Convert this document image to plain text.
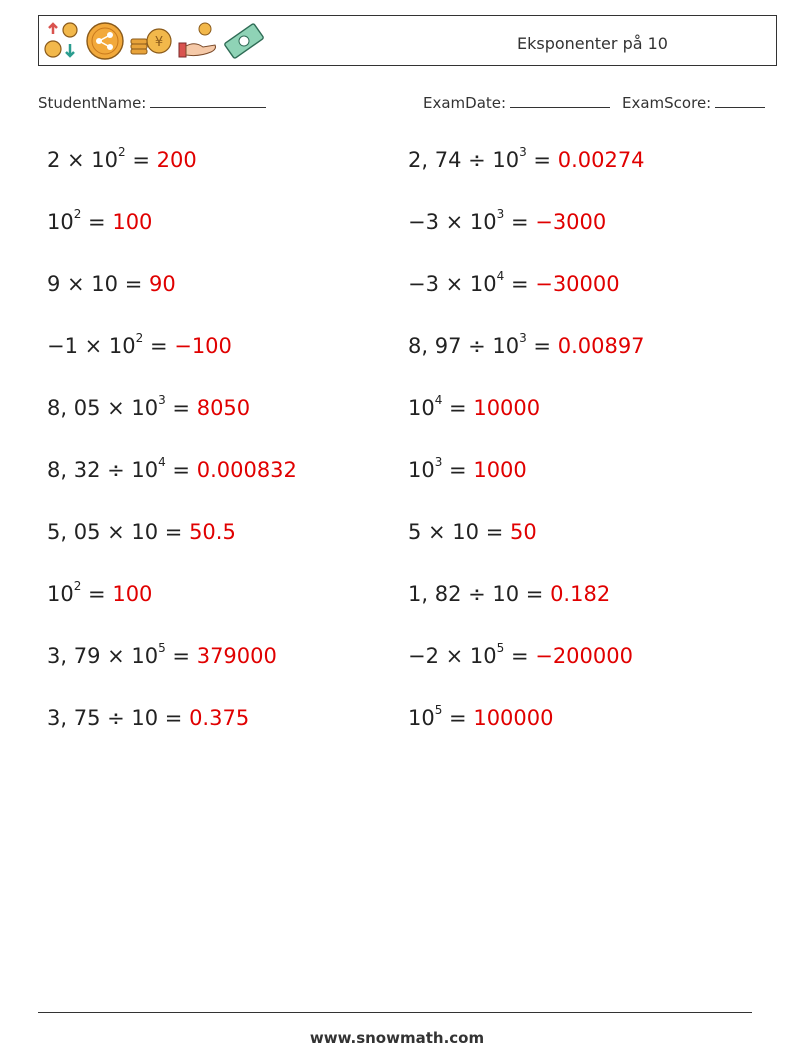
¥	Eksponenter på 10
StudentName:	ExamDate:	ExamScore:
$2 \times 10^2 = 200$
$10^2 = 100$
9 × 10 = 90
$-1 \times 10^2 = -100$
8, $05 \times 10^3 = 8050$
8, $32 \div 10^4 = 0.000832$
5, 05 × 10 = 50.5
$10^2 = 100$
3, $79 \times 10^5 = 379000$
3, 75 ÷ 10 = 0.375
2, $74 \div 10^3 = 0.00274$
$-3 \times 10^3 = -3000$
$-3 \times 10^4 = -30000$
8, $97 \div 10^3 = 0.00897$
$10^4 = 10000$
$10^3 = 1000$
5 × 10 = 50
1, 82 ÷ 10 = 0.182
$-2 \times 10^5 = -200000$
$10^5 = 100000$
www.snowmath.com
